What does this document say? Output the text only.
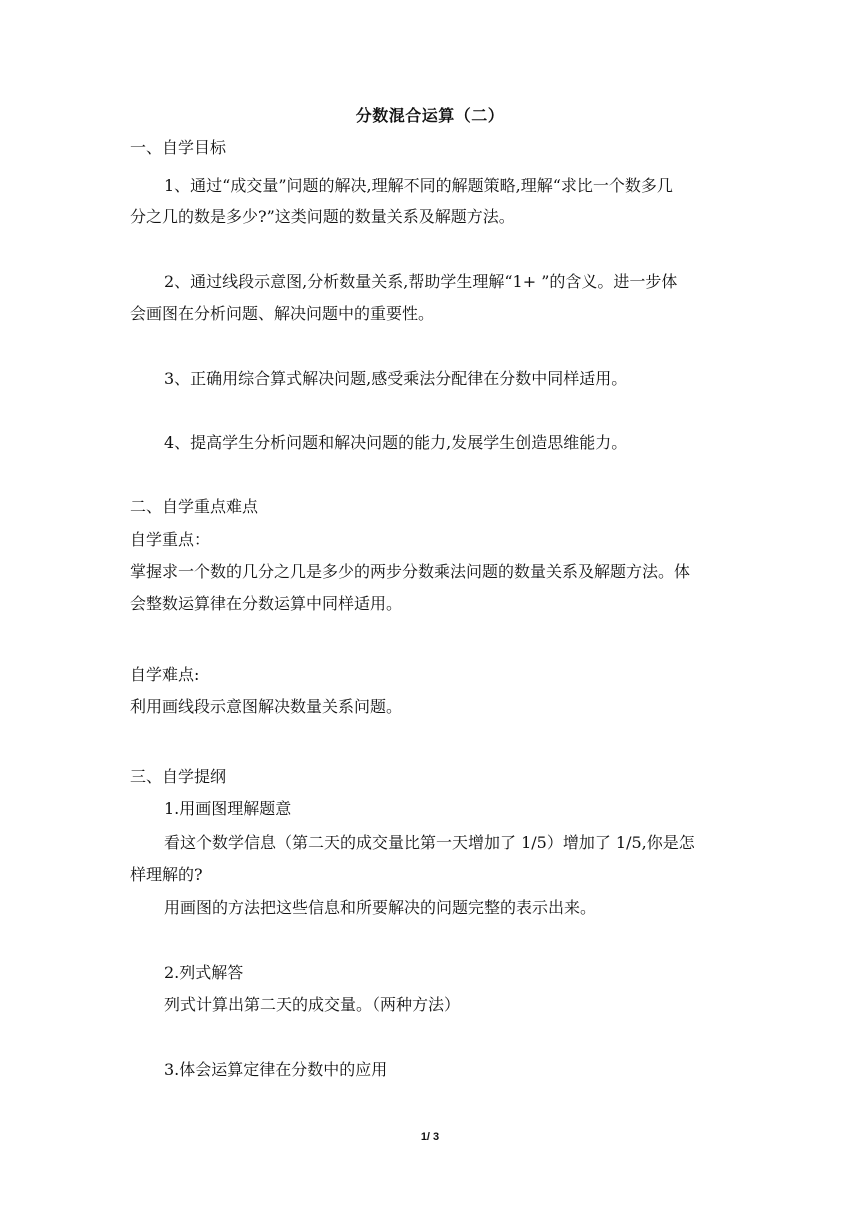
分数混合运算（二）
一、自学目标
1、通过“成交量”问题的解决,理解不同的解题策略,理解“求比一个数多几
分之几的数是多少?”这类问题的数量关系及解题方法。
2、通过线段示意图,分析数量关系,帮助学生理解“1+ ”的含义。进一步体
会画图在分析问题、解决问题中的重要性。
3、正确用综合算式解决问题,感受乘法分配律在分数中同样适用。
4、提高学生分析问题和解决问题的能力,发展学生创造思维能力。
二、自学重点难点
自学重点：
掌握求一个数的几分之几是多少的两步分数乘法问题的数量关系及解题方法。体
会整数运算律在分数运算中同样适用。
自学难点:
利用画线段示意图解决数量关系问题。
三、自学提纲
1.用画图理解题意
看这个数学信息（第二天的成交量比第一天增加了 1/5）增加了 1/5,你是怎
样理解的?
用画图的方法把这些信息和所要解决的问题完整的表示出来。
2.列式解答
列式计算出第二天的成交量。（两种方法）
3.体会运算定律在分数中的应用
1/ 3
